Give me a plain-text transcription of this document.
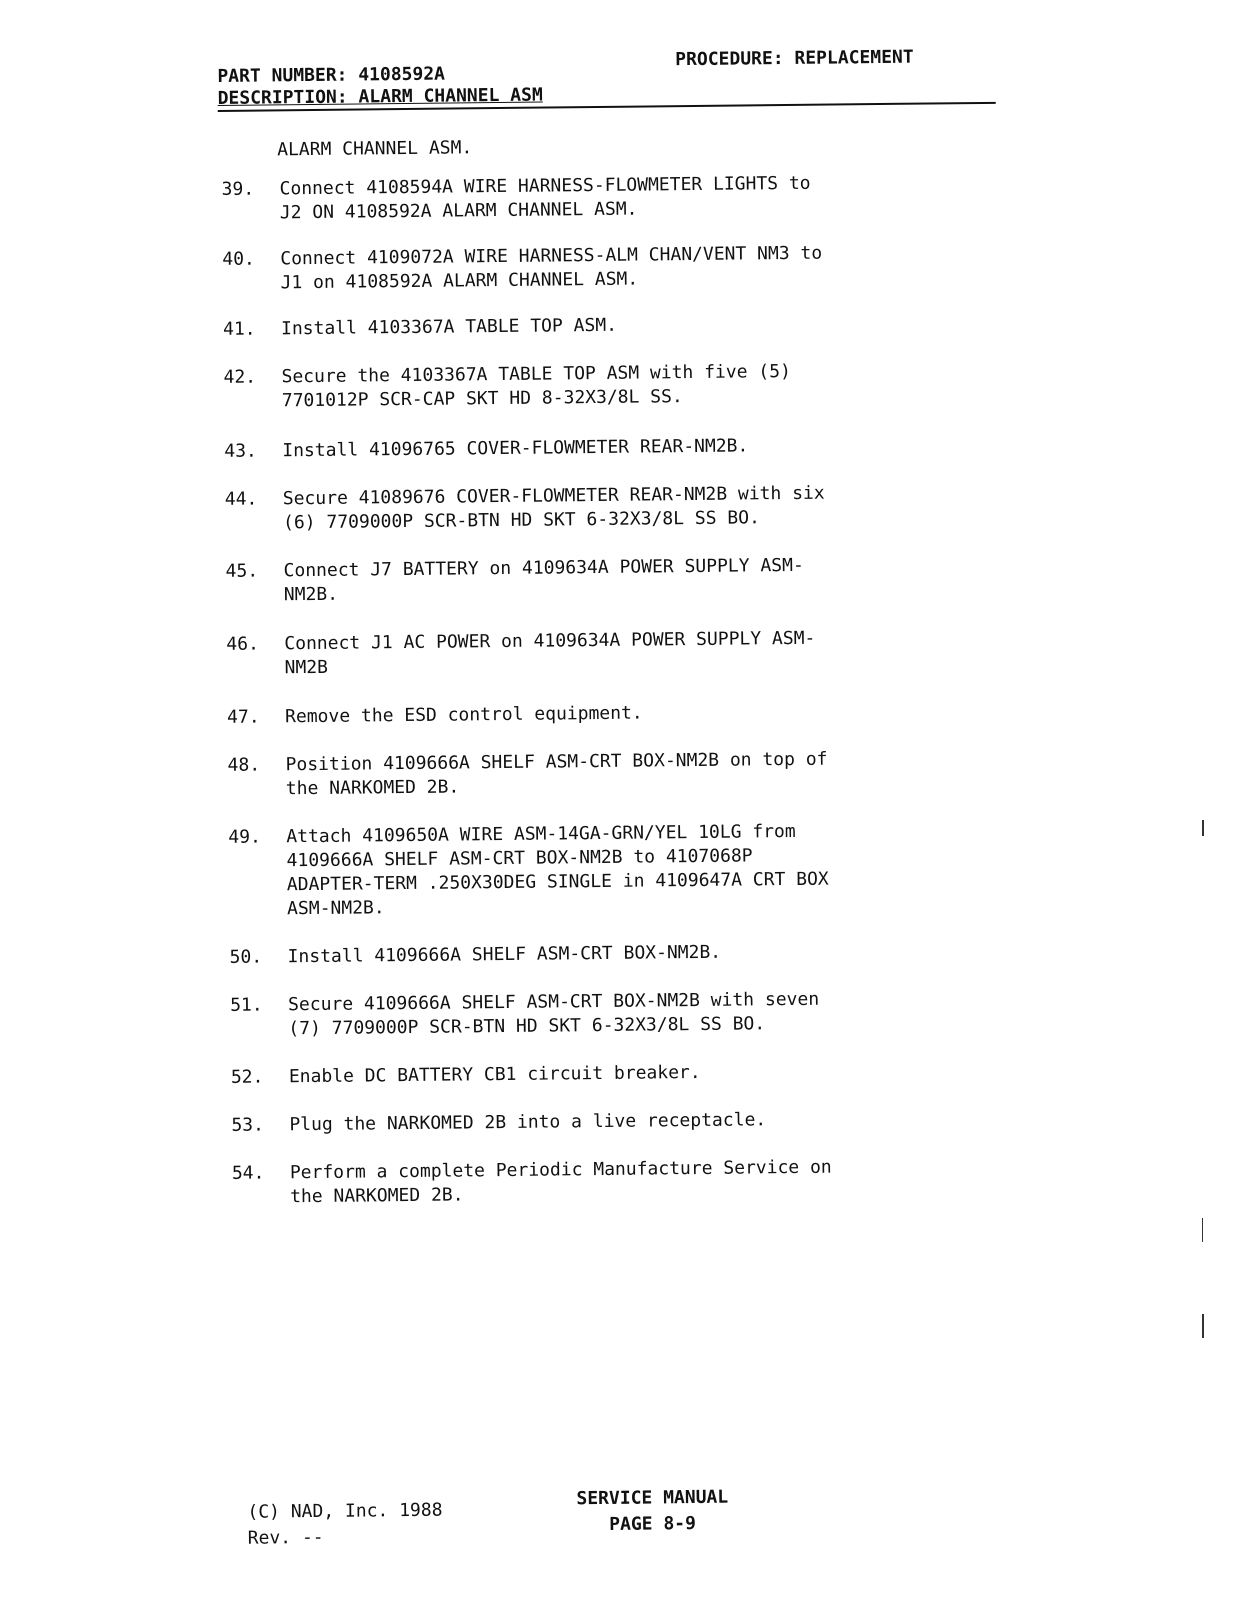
PART NUMBER: 4108592A
PROCEDURE: REPLACEMENT
DESCRIPTION: ALARM CHANNEL ASM
ALARM CHANNEL ASM.
39.	Connect 4108594A WIRE HARNESS-FLOWMETER LIGHTS to
J2 ON 4108592A ALARM CHANNEL ASM.
40.	Connect 4109072A WIRE HARNESS-ALM CHAN/VENT NM3 to
J1 on 4108592A ALARM CHANNEL ASM.
41.	Install 4103367A TABLE TOP ASM.
42.	Secure the 4103367A TABLE TOP ASM with five (5)
7701012P SCR-CAP SKT HD 8-32X3/8L SS.
43.	Install 41096765 COVER-FLOWMETER REAR-NM2B.
44.	Secure 41089676 COVER-FLOWMETER REAR-NM2B with six
(6) 7709000P SCR-BTN HD SKT 6-32X3/8L SS BO.
45.	Connect J7 BATTERY on 4109634A POWER SUPPLY ASM-
NM2B.
46.	Connect J1 AC POWER on 4109634A POWER SUPPLY ASM-
NM2B
47.	Remove the ESD control equipment.
48.	Position 4109666A SHELF ASM-CRT BOX-NM2B on top of
the NARKOMED 2B.
49.	Attach 4109650A WIRE ASM-14GA-GRN/YEL 10LG from
4109666A SHELF ASM-CRT BOX-NM2B to 4107068P
ADAPTER-TERM .250X30DEG SINGLE in 4109647A CRT BOX
ASM-NM2B.
50.	Install 4109666A SHELF ASM-CRT BOX-NM2B.
51.	Secure 4109666A SHELF ASM-CRT BOX-NM2B with seven
(7) 7709000P SCR-BTN HD SKT 6-32X3/8L SS BO.
52.	Enable DC BATTERY CB1 circuit breaker.
53.	Plug the NARKOMED 2B into a live receptacle.
54.	Perform a complete Periodic Manufacture Service on
the NARKOMED 2B.
(C) NAD, Inc. 1988
Rev. --
SERVICE MANUAL
PAGE 8-9
